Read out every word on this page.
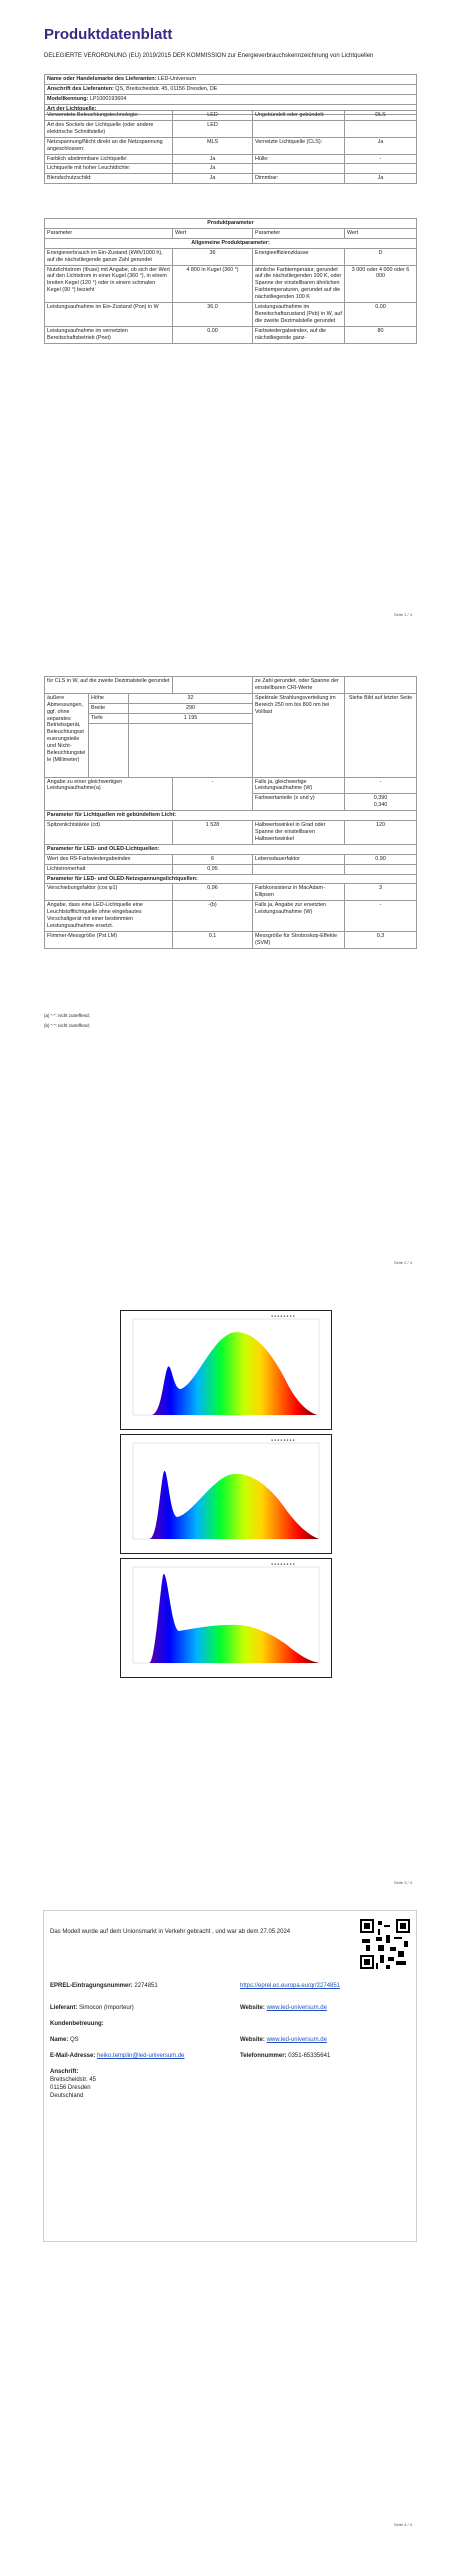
Produktdatenblatt
DELEGIERTE VERORDNUNG (EU) 2019/2015 DER KOMMISSION zur Energieverbrauchskennzeichnung von Lichtquellen
Name oder Handelsmarke des Lieferanten: LED-Universum
Anschrift des Lieferanten: QS, Breitscheidstr. 45, 01156 Dresden, DE
Modellkennung: LP1000193604
Art der Lichtquelle:
Verwendete Beleuchtungstechnologie:	LED	Ungebündelt oder gebündelt:	DLS
Art des Sockels der Lichtquelle (oder andere elektrische Schnittstelle)	LED		
Netzspannung/Nicht direkt an die Netzspannung angeschlossen:	MLS	Vernetzte Lichtquelle (CLS):	Ja
Farblich abstimmbare Lichtquelle:	Ja	Hülle:	-
Lichtquelle mit hoher Leuchtdichte:	Ja		
Blendschutzschild:	Ja	Dimmbar:	Ja
Produktparameter			
Parameter	Wert	Parameter	Wert
Allgemeine Produktparameter:			
Energieverbrauch im Ein-Zustand (kWh/1000 h), auf die nächstliegende ganze Zahl gerundet	36	Energieeffizienzklasse	D
Nutzlichtstrom (Φuse) mit Angabe, ob sich der Wert auf den Lichtstrom in einer Kugel (360 °), in einem breiten Kegel (120 °) oder in einem schmalen Kegel (90 °) bezieht	4 800 in Kugel (360 °)	ähnliche Farbtemperatur, gerundet auf die nächstliegenden 100 K, oder Spanne der einstellbaren ähnlichen Farbtemperaturen, gerundet auf die nächstliegenden 100 K	3 000 oder 4 000 oder 6 000
Leistungsaufnahme im Ein-Zustand (Pon) in W	36,0	Leistungsaufnahme im Bereitschaftszustand (Psb) in W, auf die zweite Dezimalstelle gerundet	0,00
Leistungsaufnahme im vernetzten Bereitschaftsbetrieb (Pnet)	0,00	Farbwiedergabeindex, auf die nächstliegende ganz-	80
Seite 1 / 4
für CLS in W, auf die zweite Dezimalstelle gerundet				ze Zahl gerundet, oder Spanne der einstellbaren CRI-Werte	
äußere Abmessungen, ggf. ohne separates Betriebsgerät, Beleuchtungssteuerungsteile und Nicht-Beleuchtungsteile (Millimeter)	Höhe	32		Spektrale Strahlungsverteilung im Bereich 250 nm bis 800 nm bei Volllast	Siehe Bild auf letzter Seite
	Breite	290			
	Tiefe	1 195			

Angabe zu einer gleichwertigen Leistungsaufnahme(a)			-	Falls ja, gleichwertige Leistungsaufnahme (W)	-
				Farbwertanteile (x und y)	0,390
0,340
Parameter für Lichtquellen mit gebündeltem Licht:					
Spitzenlichtstärke (cd)			1 528	Halbwertswinkel in Grad oder Spanne der einstellbaren Halbwertswinkel	120
Parameter für LED- und OLED-Lichtquellen:					
Wert des R9-Farbwiedergabeindex			6	Lebensdauerfaktor	0,90
Lichtstromerhalt			0,95		
Parameter für LED- und OLED-Netzspannungslichtquellen:					
Verschiebungsfaktor (cos φ1)			0,96	Farbkonsistenz in MacAdam-Ellipsen	3
Angabe, dass eine LED-Lichtquelle eine Leuchtstofflichtquelle ohne eingebautes Vorschaltgerät mit einer bestimmten Leistungsaufnahme ersetzt.			-(b)	Falls ja, Angabe zur ersetzten Leistungsaufnahme (W)	-
Flimmer-Messgröße (Pst LM)			0,1	Messgröße für Stroboskop-Effekte (SVM)	0,3
(a) "-": nicht zutreffend;
(b) "-": nicht zutreffend;
Seite 2 / 4
● ● ● ● ● ● ● ●
● ● ● ● ● ● ● ●
● ● ● ● ● ● ● ●
Seite 3 / 4
Das Modell wurde auf dem Unionsmarkt in Verkehr gebracht , und war ab dem 27.05.2024
EPREL-Eintragungsnummer: 2274851	https://eprel.ec.europa.eu/qr/2274851
Lieferant: Simocon (Importeur)	Website: www.led-universum.de
Kundenbetreuung:
Name: QS	Website: www.led-universum.de
E-Mail-Adresse: heiko.templin@led-universum.de	Telefonnummer: 0351-65335641
Anschrift:
Breitscheidstr. 45
01156 Dresden
Deutschland
Seite 4 / 4
